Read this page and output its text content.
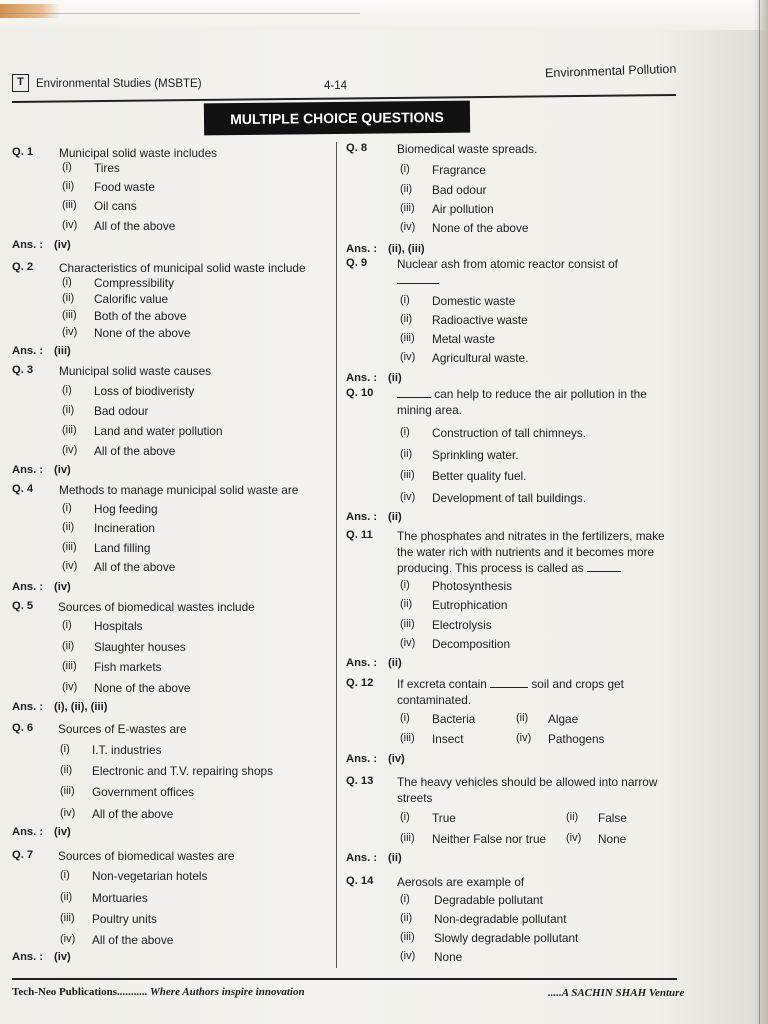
T	Environmental Studies (MSBTE)	4-14
Environmental Pollution
MULTIPLE CHOICE QUESTIONS
Q. 1 Municipal solid waste includes
(i) Tires
(ii) Food waste
(iii) Oil cans
(iv) All of the above
Ans. : (iv)
Q. 2 Characteristics of municipal solid waste include
(i) Compressibility
(ii) Calorific value
(iii) Both of the above
(iv) None of the above
Ans. : (iii)
Q. 3 Municipal solid waste causes
(i) Loss of biodiveristy
(ii) Bad odour
(iii) Land and water pollution
(iv) All of the above
Ans. : (iv)
Q. 4 Methods to manage municipal solid waste are
(i) Hog feeding
(ii) Incineration
(iii) Land filling
(iv) All of the above
Ans. : (iv)
Q. 5 Sources of biomedical wastes include
(i) Hospitals
(ii) Slaughter houses
(iii) Fish markets
(iv) None of the above
Ans. : (i), (ii), (iii)
Q. 6 Sources of E-wastes are
(i) I.T. industries
(ii) Electronic and T.V. repairing shops
(iii) Government offices
(iv) All of the above
Ans. : (iv)
Q. 7 Sources of biomedical wastes are
(i) Non-vegetarian hotels
(ii) Mortuaries
(iii) Poultry units
(iv) All of the above
Ans. : (iv)
Q. 8	Biomedical waste spreads.
(i) Fragrance
(ii) Bad odour
(iii) Air pollution
(iv) None of the above
Ans. : (ii), (iii)
Q. 9	Nuclear ash from atomic reactor consist of
(i) Domestic waste
(ii) Radioactive waste
(iii) Metal waste
(iv) Agricultural waste.
Ans. : (ii)
Q. 10	can help to reduce the air pollution in the
mining area.
(i) Construction of tall chimneys.
(ii) Sprinkling water.
(iii) Better quality fuel.
(iv) Development of tall buildings.
Ans. : (ii)
Q. 11 The phosphates and nitrates in the fertilizers, make
the water rich with nutrients and it becomes more
producing. This process is called as
(i) Photosynthesis
(ii) Eutrophication
(iii) Electrolysis
(iv) Decomposition
Ans. : (ii)
Q. 12 If excreta contain	soil and crops get
contaminated.
(i) Bacteria	(ii) Algae
(iii) Insect	(iv) Pathogens
Ans. : (iv)
Q. 13 The heavy vehicles should be allowed into narrow
streets
(i) True	(ii) False
(iii) Neither False nor true (iv) None
Ans. : (ii)
Q. 14 Aerosols are example of
(i) Degradable pollutant
(ii) Non-degradable pollutant
(iii) Slowly degradable pollutant
(iv) None
Tech-Neo Publications........... Where Authors inspire innovation	.....A SACHIN SHAH Venture
